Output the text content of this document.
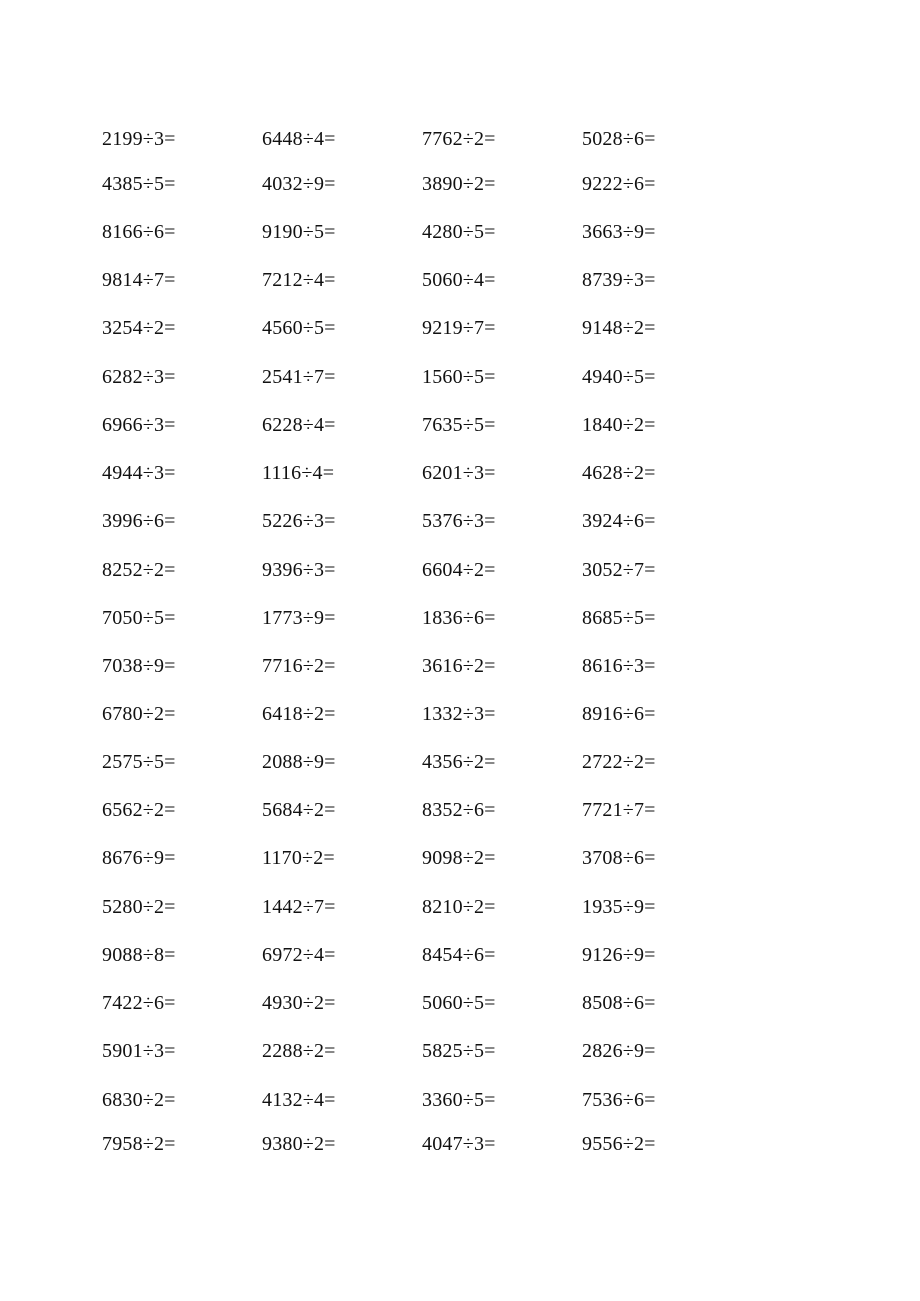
2199÷3=	6448÷4=	7762÷2=	5028÷6=
4385÷5=	4032÷9=	3890÷2=	9222÷6=
8166÷6=	9190÷5=	4280÷5=	3663÷9=
9814÷7=	7212÷4=	5060÷4=	8739÷3=
3254÷2=	4560÷5=	9219÷7=	9148÷2=
6282÷3=	2541÷7=	1560÷5=	4940÷5=
6966÷3=	6228÷4=	7635÷5=	1840÷2=
4944÷3=	1116÷4=	6201÷3=	4628÷2=
3996÷6=	5226÷3=	5376÷3=	3924÷6=
8252÷2=	9396÷3=	6604÷2=	3052÷7=
7050÷5=	1773÷9=	1836÷6=	8685÷5=
7038÷9=	7716÷2=	3616÷2=	8616÷3=
6780÷2=	6418÷2=	1332÷3=	8916÷6=
2575÷5=	2088÷9=	4356÷2=	2722÷2=
6562÷2=	5684÷2=	8352÷6=	7721÷7=
8676÷9=	1170÷2=	9098÷2=	3708÷6=
5280÷2=	1442÷7=	8210÷2=	1935÷9=
9088÷8=	6972÷4=	8454÷6=	9126÷9=
7422÷6=	4930÷2=	5060÷5=	8508÷6=
5901÷3=	2288÷2=	5825÷5=	2826÷9=
6830÷2=	4132÷4=	3360÷5=	7536÷6=
7958÷2=	9380÷2=	4047÷3=	9556÷2=
